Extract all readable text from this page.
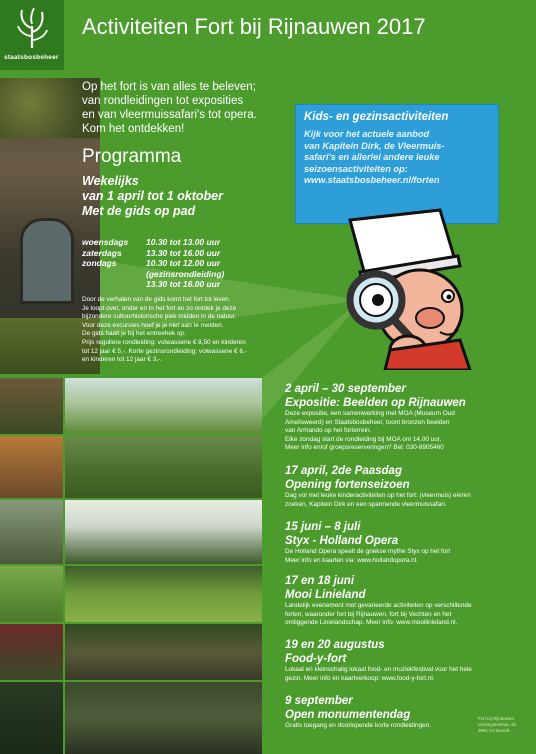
staatsbosbeheer
Activiteiten Fort bij Rijnauwen 2017
Op het fort is van alles te beleven;
van rondleidingen tot exposities
en van vleermuissafari's tot opera.
Kom het ontdekken!
Programma
Wekelijks
van 1 april tot 1 oktober
Met de gids op pad
woensdags	10.30 tot 13.00 uur
zaterdags	13.30 tot 16.00 uur
zondags	10.30 tot 12.00 uur
(gezinsrondleiding)
13.30 tot 16.00 uur
Door de verhalen van de gids komt het fort tot leven.
Je loopt over, onder en in het fort en zo ontdek je deze
bijzondere cultuurhistorische plek midden in de natuur.
Voor deze excursies hoef je je niet aan te melden.
De gids haalt je bij het entreehek op.
Prijs reguliere rondleiding: volwassene € 8,50 en kinderen
tot 12 jaar € 5,-. Korte gezinsrondleiding: volwassene € 6,-
en kinderen tot 12 jaar € 3,-.
Kids- en gezinsactiviteiten
Kijk voor het actuele aanbod
van Kapitein Dirk, de Vleermuis-
safari's en allerlei andere leuke
seizoensactiviteiten op:
www.staatsbosbeheer.nl/forten
2 april – 30 september
Expositie: Beelden op Rijnauwen
Deze expositie, een samenwerking met MOA (Museum Oud
Amelisweerd) en Staatsbosbeheer, toont bronzen beelden
van Armando op het forterrein.
Elke zondag start de rondleiding bij MOA om 14.00 uur.
Meer info en/of groepsreserveringen? Bel: 030-8905460
17 april, 2de Paasdag
Opening fortenseizoen
Dag vol met leuke kinderactiviteiten op het fort: (vleermuis) eieren
zoeken, Kapitein Dirk en een spannende vleermuissafari.
15 juni – 8 juli
Styx - Holland Opera
De Holland Opera speelt de griekse mythe Styx op het fort
Meer info en kaarten via: www.hollandopera.nl.
17 en 18 juni
Mooi Linieland
Landelijk evenement met gevarieerde activiteiten op verschillende
forten, waaronder fort bij Rijnauwen, fort bij Vechten en het
omliggende Linielandschap. Meer info: www.mooilinieland.nl.
19 en 20 augustus
Food-y-fort
Lokaal en kleinschalig lokaal food- en muziekfestival voor het hele
gezin. Meer info en kaartverkoop: www.food-y-fort.nl.
9 september
Open monumentendag
Gratis toegang en doorlopende korte rondleidingen.
Fort bij Rijnauwen
Vossegatselaan 3a
3981 HJ Bunnik
